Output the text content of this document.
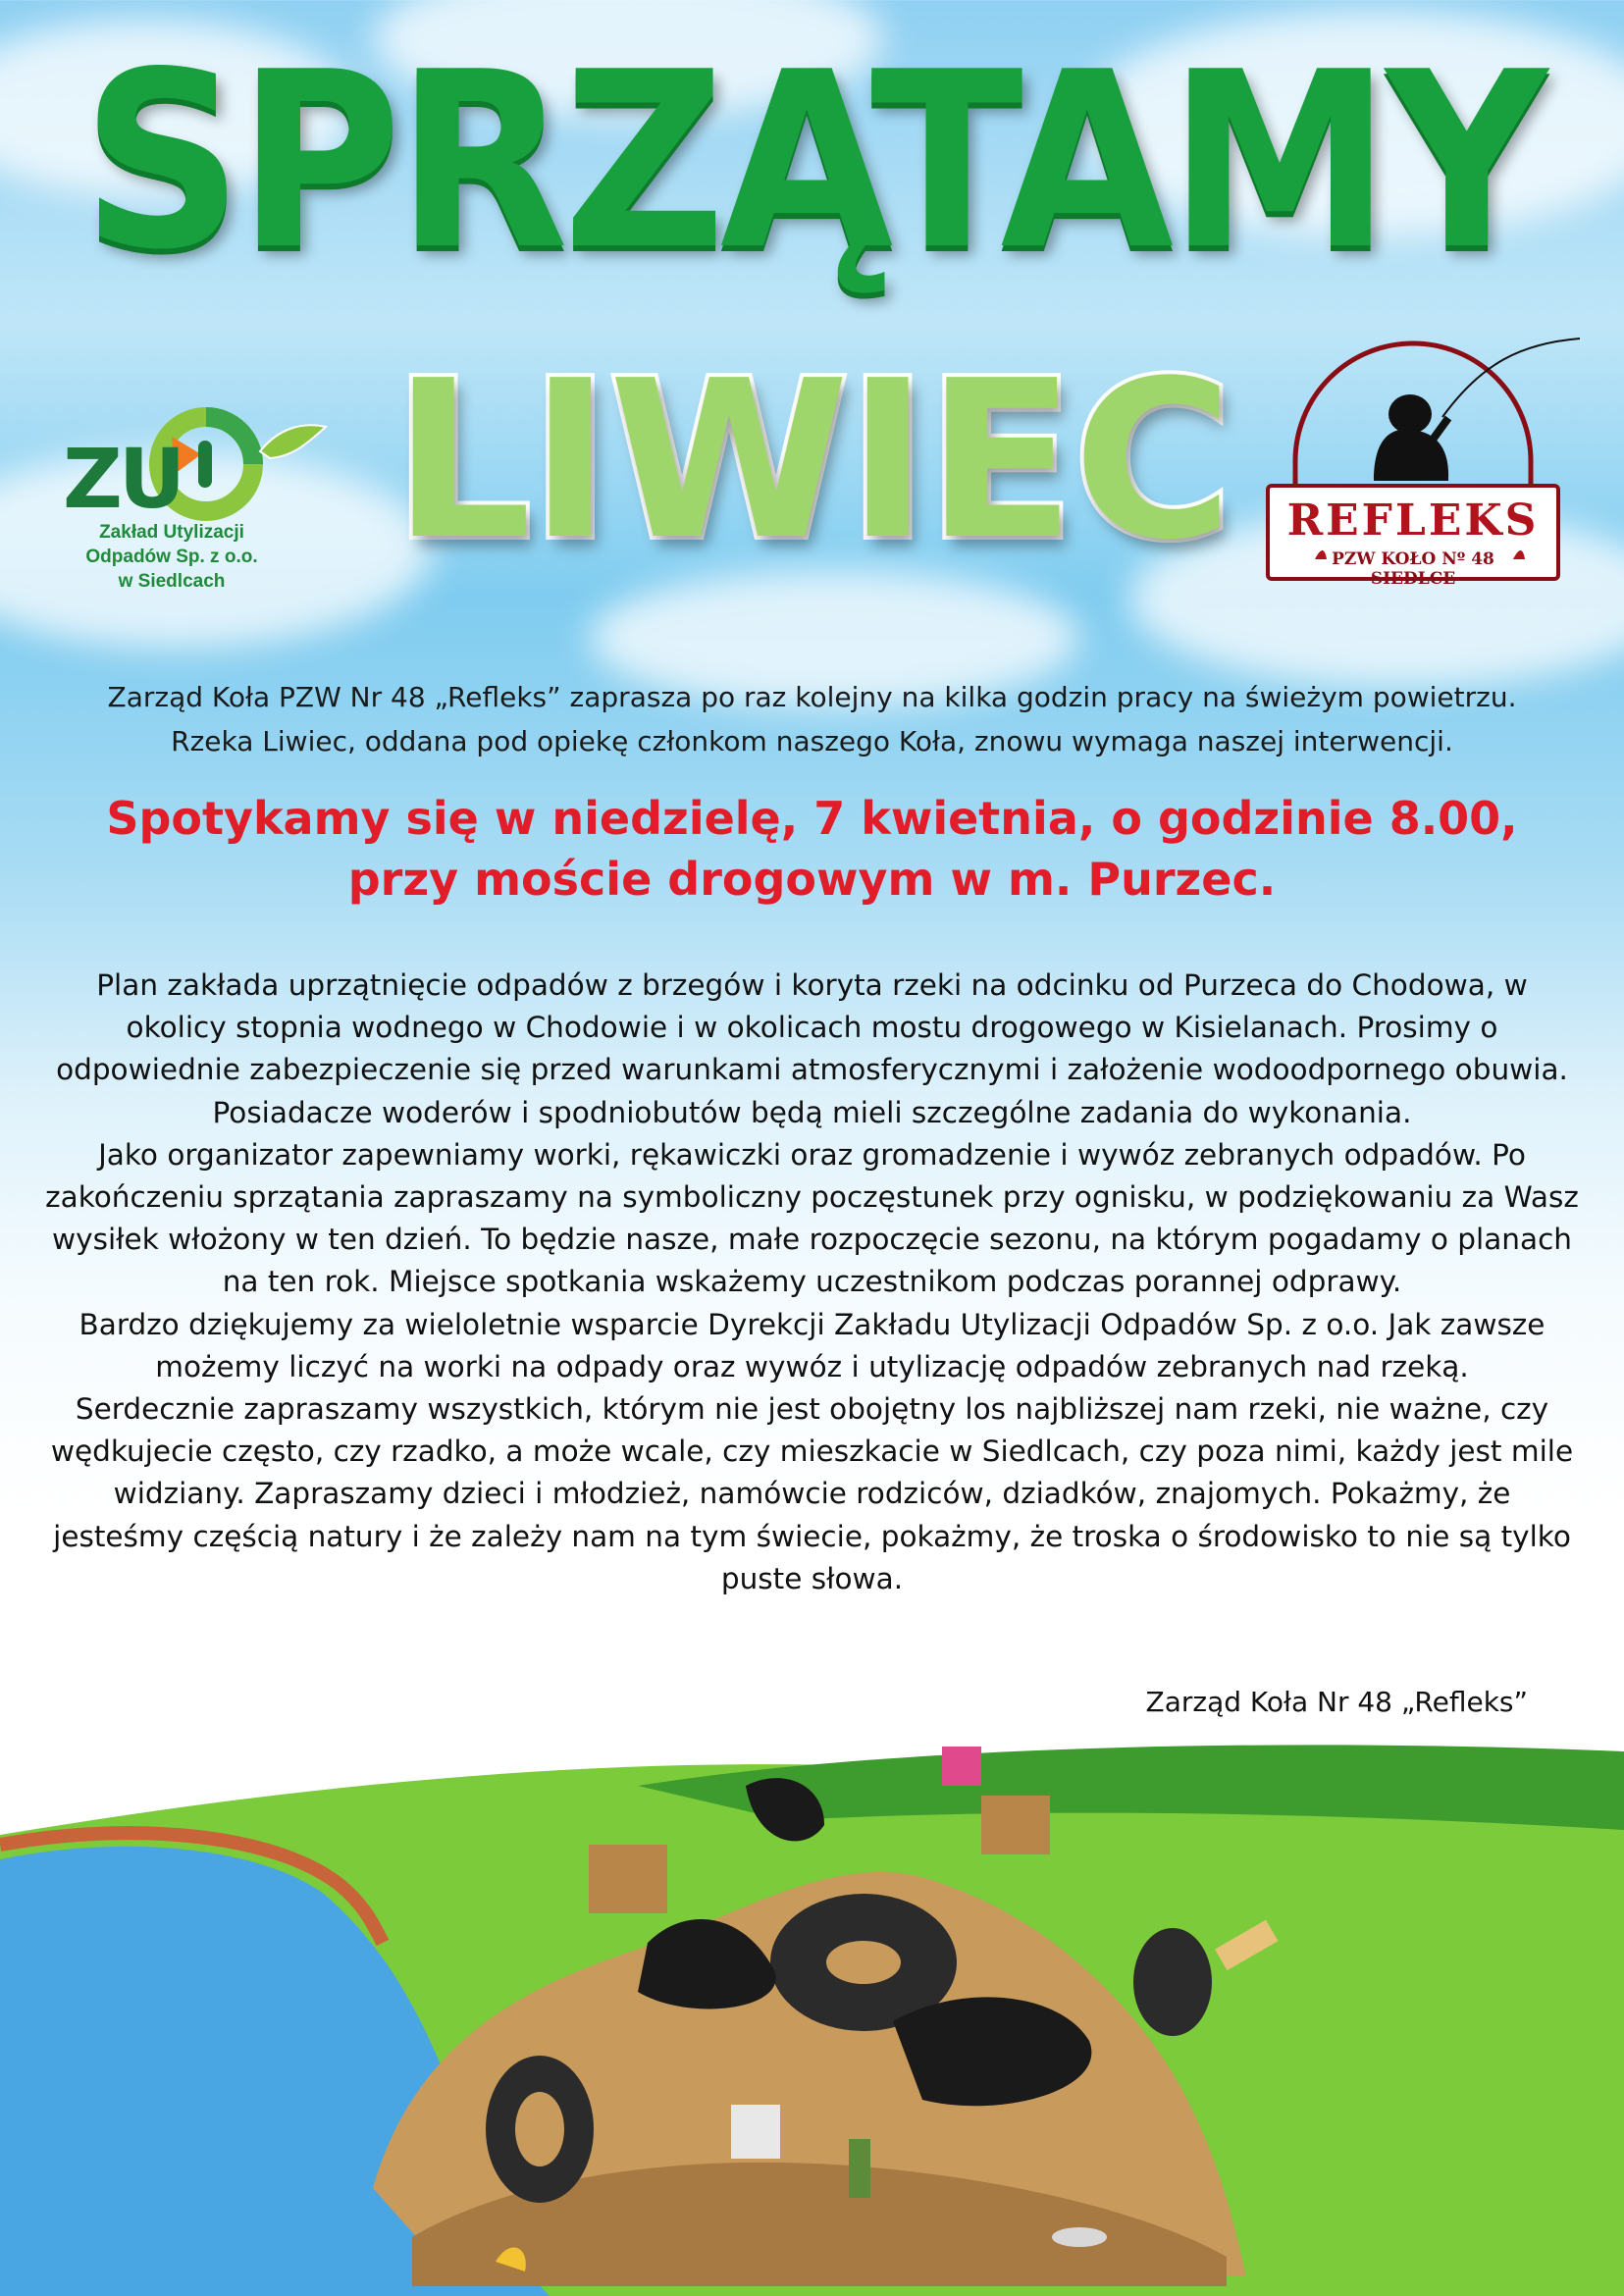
SPRZĄTAMY
LIWIEC
ZU
Zakład Utylizacji
Odpadów Sp. z o.o.
w Siedlcach
REFLEKS
PZW KOŁO Nº 48 SIEDLCE
Zarząd Koła PZW Nr 48 „Refleks” zaprasza po raz kolejny na kilka godzin pracy na świeżym powietrzu.
Rzeka Liwiec, oddana pod opiekę członkom naszego Koła, znowu wymaga naszej interwencji.
Spotykamy się w niedzielę, 7 kwietnia, o godzinie 8.00,
przy moście drogowym w m. Purzec.

Plan zakłada uprzątnięcie odpadów z brzegów i koryta rzeki na odcinku od Purzeca do Chodowa, w okolicy stopnia wodnego w Chodowie i w okolicach mostu drogowego w Kisielanach. Prosimy o odpowiednie zabezpieczenie się przed warunkami atmosferycznymi i założenie wodoodpornego obuwia. Posiadacze woderów i spodniobutów będą mieli szczególne zadania do wykonania.

Jako organizator zapewniamy worki, rękawiczki oraz gromadzenie i wywóz zebranych odpadów. Po zakończeniu sprzątania zapraszamy na symboliczny poczęstunek przy ognisku, w podziękowaniu za Wasz wysiłek włożony w ten dzień. To będzie nasze, małe rozpoczęcie sezonu, na którym pogadamy o planach na ten rok. Miejsce spotkania wskażemy uczestnikom podczas porannej odprawy.

Bardzo dziękujemy za wieloletnie wsparcie Dyrekcji Zakładu Utylizacji Odpadów Sp. z o.o. Jak zawsze możemy liczyć na worki na odpady oraz wywóz i utylizację odpadów zebranych nad rzeką.

Serdecznie zapraszamy wszystkich, którym nie jest obojętny los najbliższej nam rzeki, nie ważne, czy wędkujecie często, czy rzadko, a może wcale, czy mieszkacie w Siedlcach, czy poza nimi, każdy jest mile widziany. Zapraszamy dzieci i młodzież, namówcie rodziców, dziadków, znajomych. Pokażmy, że jesteśmy częścią natury i że zależy nam na tym świecie, pokażmy, że troska o środowisko to nie są tylko puste słowa.

Zarząd Koła Nr 48 „Refleks”
